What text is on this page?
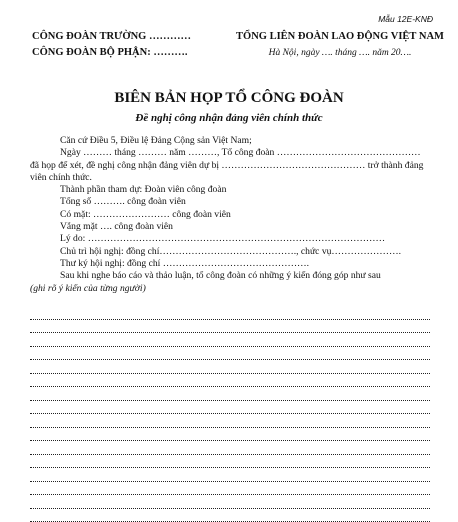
Mẫu 12E-KNĐ
CÔNG ĐOÀN TRƯỜNG …………
CÔNG ĐOÀN BỘ PHẬN: ……….
TỔNG LIÊN ĐOÀN LAO ĐỘNG VIỆT NAM
Hà Nội, ngày …. tháng …. năm 20….
BIÊN BẢN HỌP TỔ CÔNG ĐOÀN
Đề nghị công nhận đảng viên chính thức

Căn cứ Điều 5, Điều lệ Đảng Cộng sản Việt Nam;

Ngày ……… tháng ……… năm ………, Tổ công đoàn ……………………………………… đã họp để xét, đề nghị công nhận đảng viên dự bị ……………………………………… trở thành đảng viên chính thức.

Thành phần tham dự: Đoàn viên công đoàn

Tổng số ………. công đoàn viên

Có mặt: …………………… công đoàn viên

Vắng mặt …. công đoàn viên

Lý do: …………………………………………………………………………………

Chủ trì hội nghị: đồng chí……………………………………., chức vụ………………….

Thư ký hội nghị: đồng chí ……………………………………….

Sau khi nghe báo cáo và thảo luận, tổ công đoàn có những ý kiến đóng góp như sau

(ghi rõ ý kiến của từng người)
